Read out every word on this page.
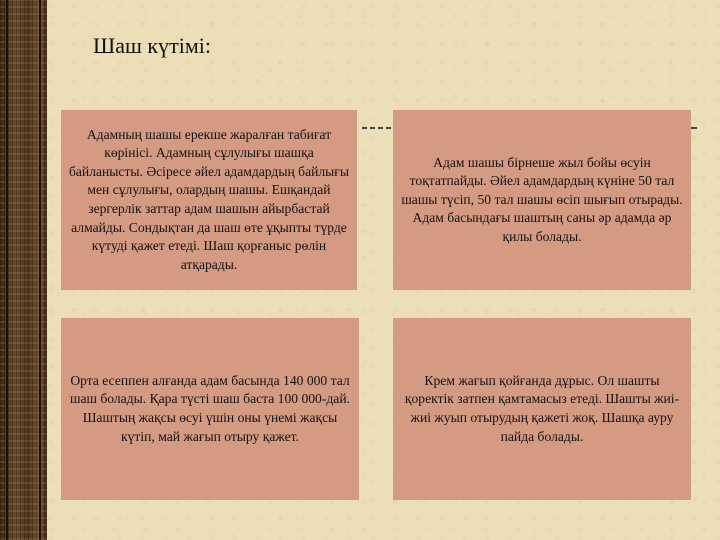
Шаш күтімі:
Адамның шашы ерекше жаралған табиғат көрінісі. Адамның сұлулығы шашқа байланысты. Әсіресе әйел адамдардың байлығы мен сұлулығы, олардың шашы. Ешқандай зергерлік заттар адам шашын айырбастай алмайды. Сондықтан да шаш өте ұқыпты түрде күтуді қажет етеді. Шаш қорғаныс рөлін атқарады.
Адам шашы бірнеше жыл бойы өсуін тоқтатпайды. Әйел адамдардың күніне 50 тал шашы түсіп, 50 тал шашы өсіп шығып отырады. Адам басындағы шаштың саны әр адамда әр қилы болады.
Орта есеппен алғанда адам басында 140 000 тал шаш болады. Қара түсті шаш баста 100 000-дай. Шаштың жақсы өсуі үшін оны үнемі жақсы күтіп, май жағып отыру қажет.
Крем жағып қойғанда дұрыс. Ол шашты қоректік затпен қамтамасыз етеді. Шашты жиі-жиі жуып отырудың қажеті жоқ. Шашқа ауру пайда болады.
